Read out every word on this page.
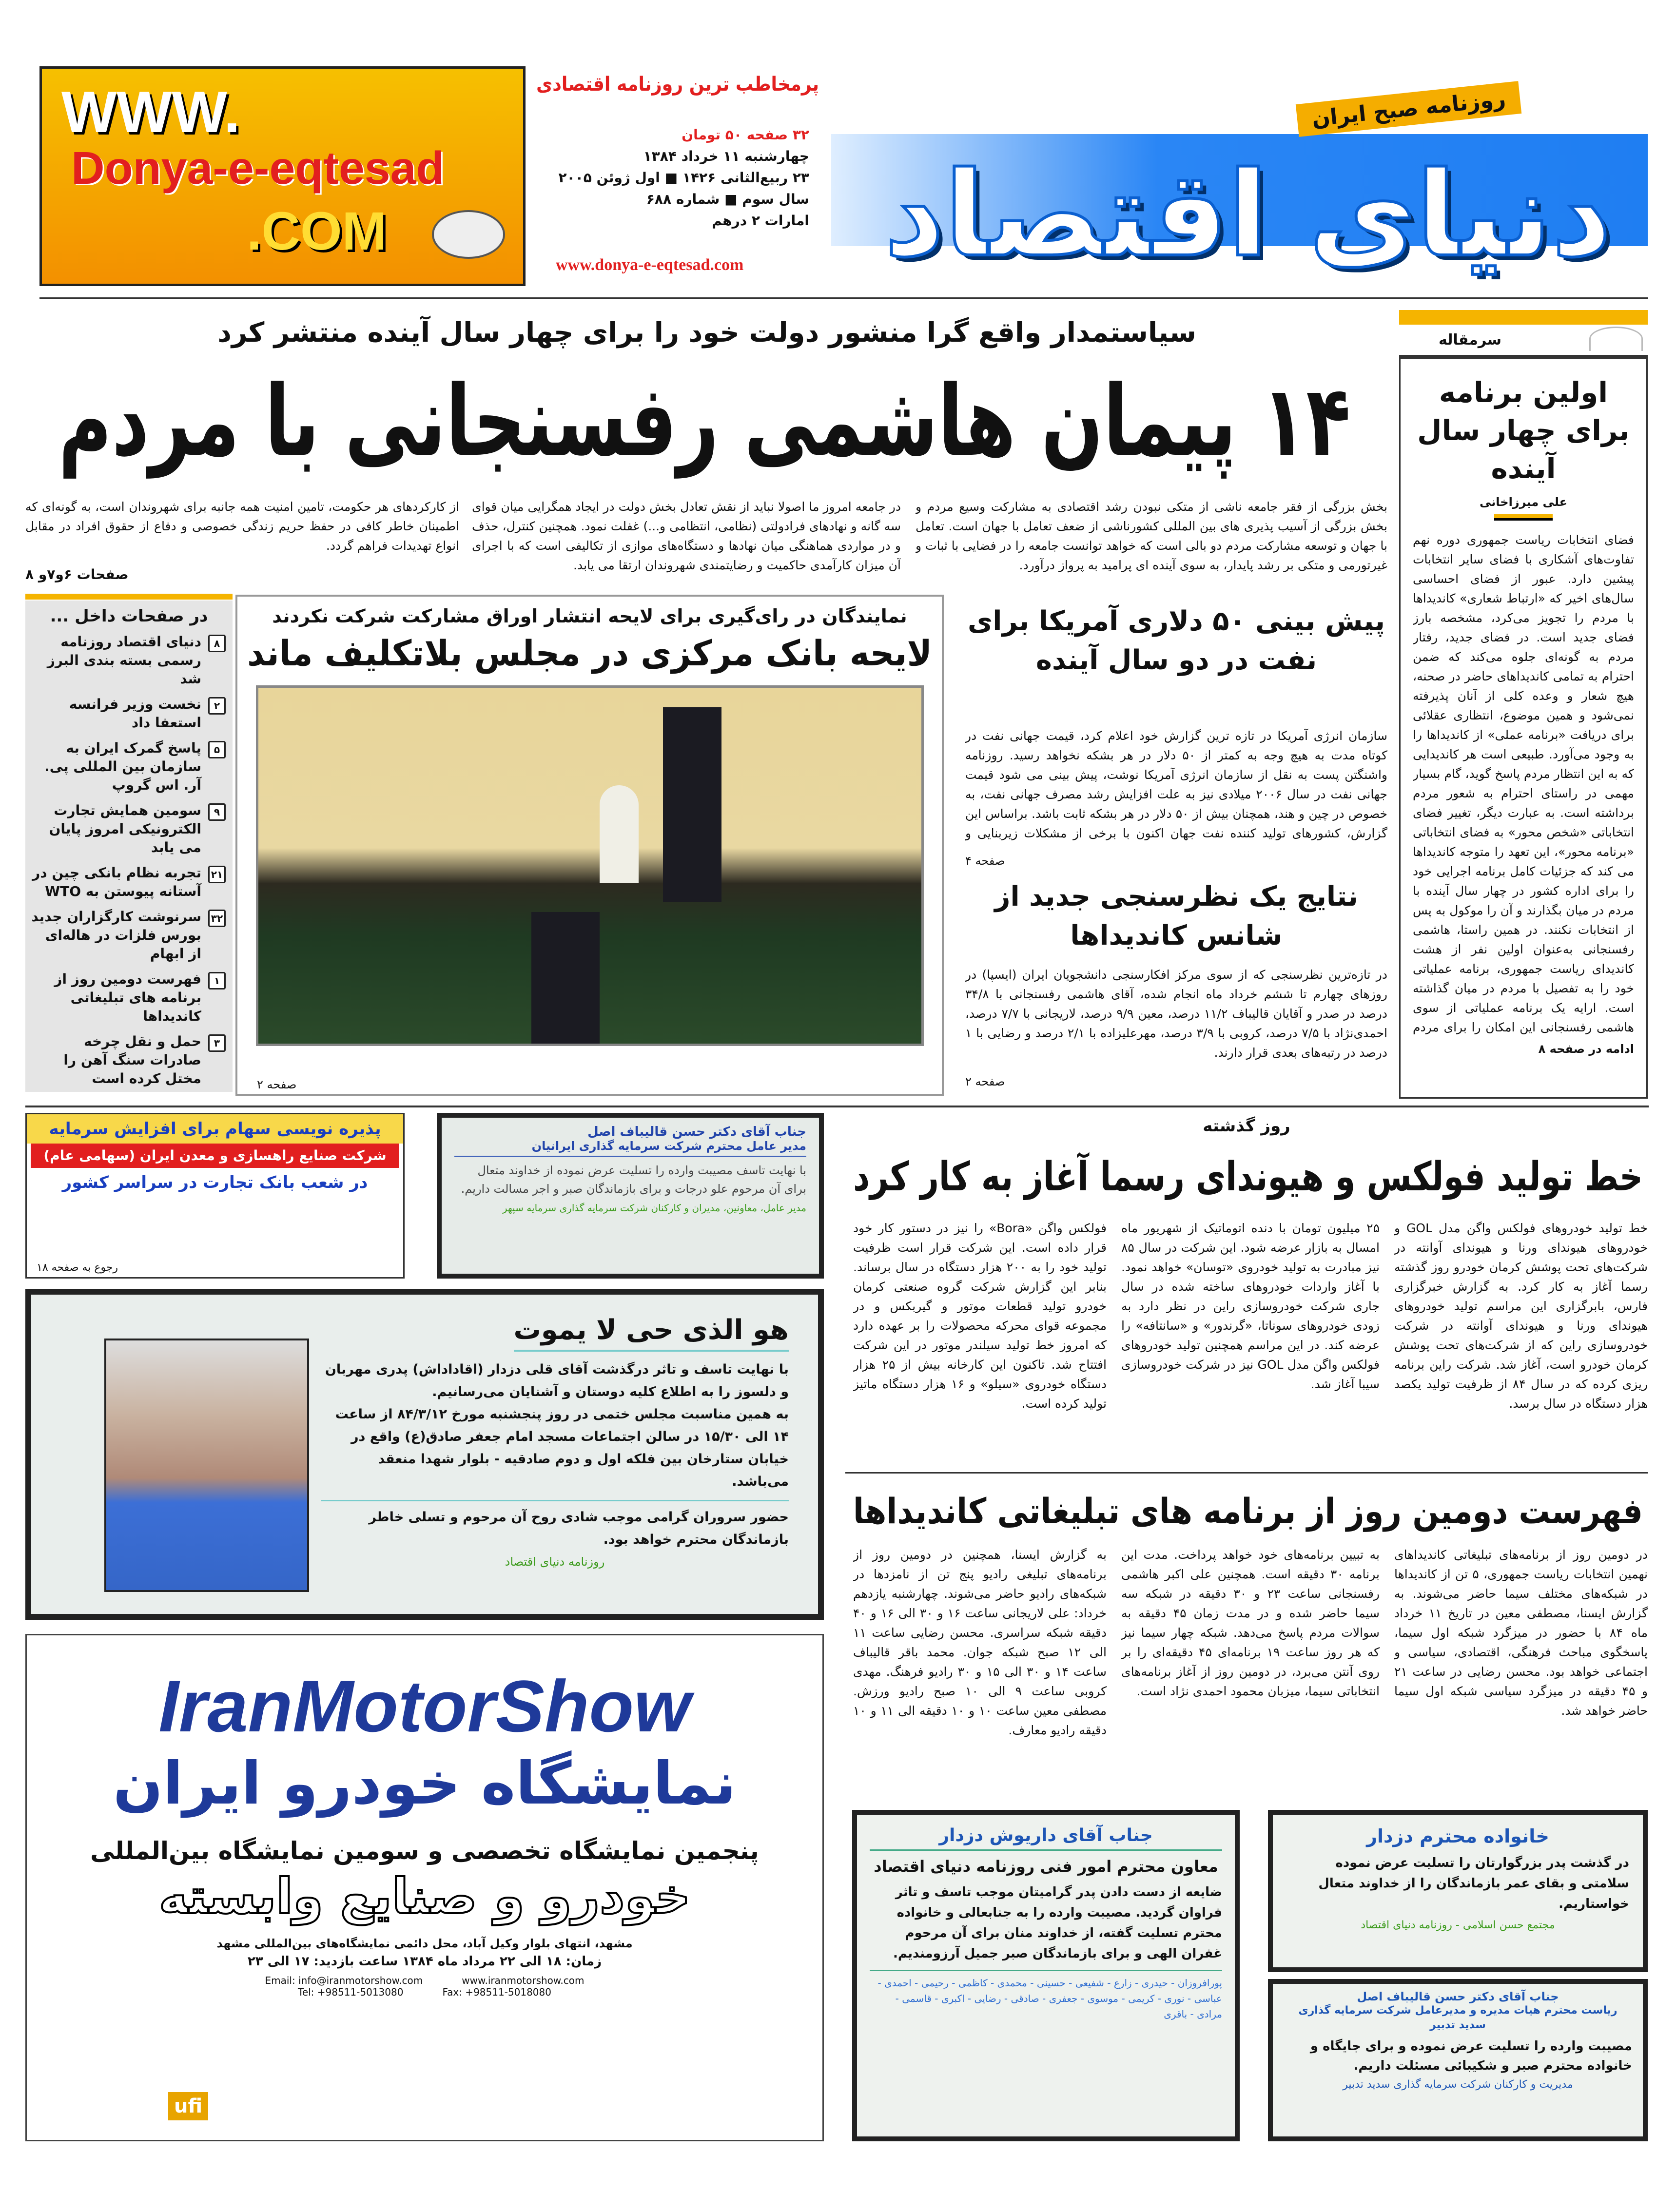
WWW.
Donya-e-eqtesad
.COM
پرمخاطب ترین روزنامه اقتصادی
دنیای اقتصاد
روزنامه صبح ایران
۳۲ صفحه ۵۰ تومان
چهارشنبه ۱۱ خرداد ۱۳۸۴
۲۳ ربیع‌الثانی ۱۴۲۶ ■ اول ژوئن ۲۰۰۵
سال سوم ■ شماره ۶۸۸
امارات ۲ درهم
www.donya-e-eqtesad.com
سیاستمدار واقع گرا منشور دولت خود را برای چهار سال آینده منتشر کرد
۱۴ پیمان هاشمی رفسنجانی با مردم
بخش بزرگی از فقر جامعه ناشی از متکی نبودن رشد اقتصادی به مشارکت وسیع مردم و بخش بزرگی از آسیب پذیری های بین المللی کشورناشی از ضعف تعامل با جهان است. تعامل با جهان و توسعه مشارکت مردم دو بالی است که خواهد توانست جامعه را در فضایی با ثبات و غیرتورمی و متکی بر رشد پایدار، به سوی آینده ای پرامید به پرواز درآورد.
در جامعه امروز ما اصولا نباید از نقش تعادل بخش دولت در ایجاد همگرایی میان قوای سه گانه و نهادهای فرادولتی (نظامی، انتظامی و...) غفلت نمود. همچنین کنترل، حذف و در مواردی هماهنگی میان نهادها و دستگاه‌های موازی از تکالیفی است که با اجرای آن میزان کارآمدی حاکمیت و رضایتمندی شهروندان ارتقا می یابد.
از کارکردهای هر حکومت، تامین امنیت همه جانبه برای شهروندان است، به گونه‌ای که اطمینان خاطر کافی در حفظ حریم زندگی خصوصی و دفاع از حقوق افراد در مقابل انواع تهدیدات فراهم گردد.
صفحات ۶و۷و ۸
سرمقاله
اولین برنامه برای چهار سال آینده
علی میرزاخانی
فضای انتخابات ریاست جمهوری دوره نهم تفاوت‌های آشکاری با فضای سایر انتخابات پیشین دارد. عبور از فضای احساسی سال‌های اخیر که «ارتباط شعاری» کاندیداها با مردم را تجویز می‌کرد، مشخصه بارز فضای جدید است. در فضای جدید، رفتار مردم به گونه‌ای جلوه می‌کند که ضمن احترام به تمامی کاندیداهای حاضر در صحنه، هیچ شعار و وعده کلی از آنان پذیرفته نمی‌شود و همین موضوع، انتظاری عقلائی برای دریافت «برنامه عملی» از کاندیداها را به وجود می‌آورد. طبیعی است هر کاندیدایی که به این انتظار مردم پاسخ گوید، گام بسیار مهمی در راستای احترام به شعور مردم برداشته است. به عبارت دیگر، تغییر فضای انتخاباتی «شخص محور» به فضای انتخاباتی «برنامه محور»، این تعهد را متوجه کاندیداها می کند که جزئیات کامل برنامه اجرایی خود را برای اداره کشور در چهار سال آینده با مردم در میان بگذارند و آن را موکول به پس از انتخابات نکنند. در همین راستا، هاشمی رفسنجانی به‌عنوان اولین نفر از هشت کاندیدای ریاست جمهوری، برنامه عملیاتی خود را به تفصیل با مردم در میان گذاشته است. ارایه یک برنامه عملیاتی از سوی هاشمی رفسنجانی این امکان را برای مردم
ادامه در صفحه ۸
در صفحات داخل ...
۸
دنیای اقتصاد روزنامه رسمی بسته بندی البرز شد
۲
نخست وزیر فرانسه استعفا داد
۵
پاسخ گمرک ایران به سازمان بین المللی پی. آر. اس گروپ
۹
سومین همایش تجارت الکترونیکی امروز پایان می یابد
۲۱
تجربه نظام بانکی چین در آستانه پیوستن به WTO
۳۲
سرنوشت کارگزاران جدید بورس فلزات در هاله‌ای از ابهام
۱
فهرست دومین روز از برنامه های تبلیغاتی کاندیداها
۳
حمل و نقل چرخه صادرات سنگ آهن را مختل کرده است
نمایندگان در رای‌گیری برای لایحه انتشار اوراق مشارکت شرکت نکردند
لایحه بانک مرکزی در مجلس بلاتکلیف ماند
صفحه ۲
پیش بینی ۵۰ دلاری آمریکا برای نفت در دو سال آینده
سازمان انرژی آمریکا در تازه ترین گزارش خود اعلام کرد، قیمت جهانی نفت در کوتاه مدت به هیچ وجه به کمتر از ۵۰ دلار در هر بشکه نخواهد رسید. روزنامه واشنگتن پست به نقل از سازمان انرژی آمریکا نوشت، پیش بینی می شود قیمت جهانی نفت در سال ۲۰۰۶ میلادی نیز به علت افزایش رشد مصرف جهانی نفت، به خصوص در چین و هند، همچنان بیش از ۵۰ دلار در هر بشکه ثابت باشد. براساس این گزارش، کشورهای تولید کننده نفت جهان اکنون با برخی از مشکلات زیربنایی و
صفحه ۴
نتایج یک نظرسنجی جدید از شانس کاندیداها
در تازه‌ترین نظرسنجی که از سوی مرکز افکارسنجی دانشجویان ایران (ایسپا) در روزهای چهارم تا ششم خرداد ماه انجام شده، آقای هاشمی رفسنجانی با ۳۴/۸ درصد در صدر و آقایان قالیباف ۱۱/۲ درصد، معین ۹/۹ درصد، لاریجانی با ۷/۷ درصد، احمدی‌نژاد با ۷/۵ درصد، کروبی با ۳/۹ درصد، مهرعلیزاده با ۲/۱ درصد و رضایی با ۱ درصد در رتبه‌های بعدی قرار دارند.
صفحه ۲
پذیره نویسی سهام برای افزایش سرمایه
شرکت صنایع راهسازی و معدن ایران (سهامی عام)
در شعب بانک تجارت در سراسر کشور
رجوع به صفحه ۱۸
جناب آقای دکتر حسن قالیباف اصل
مدیر عامل محترم شرکت سرمایه گذاری ایرانیان
با نهایت تاسف مصیبت وارده را تسلیت عرض نموده از خداوند متعال برای آن مرحوم علو درجات و برای بازماندگان صبر و اجر مسالت داریم.
مدیر عامل، معاونین، مدیران و کارکنان شرکت سرمایه گذاری سرمایه سپهر
هو الذی حی لا یموت
با نهایت تاسف و تاثر درگذشت آقای قلی دزدار (اقاداداش) پدری مهربان و دلسوز را به اطلاع کلیه دوستان و آشنایان می‌رسانیم.
به همین مناسبت مجلس ختمی در روز پنجشنبه مورخ ۸۴/۳/۱۲ از ساعت ۱۴ الی ۱۵/۳۰ در سالن اجتماعات مسجد امام جعفر صادق(ع) واقع در خیابان ستارخان بین فلکه اول و دوم صادقیه - بلوار شهدا منعقد می‌باشد.
حضور سروران گرامی موجب شادی روح آن مرحوم و تسلی خاطر بازماندگان محترم خواهد بود.
روزنامه دنیای اقتصاد
IranMotorShow
نمایشگاه خودرو ایران
پنجمین نمایشگاه تخصصی و سومین نمایشگاه بین‌المللی
خودرو و صنایع وابسته
مشهد، انتهای بلوار وکیل آباد، محل دائمی نمایشگاه‌های بین‌المللی مشهد
زمان: ۱۸ الی ۲۲ مرداد ماه ۱۳۸۴ ساعت بازدید: ۱۷ الی ۲۳
Email: info@iranmotorshow.com	www.iranmotorshow.com
Tel: +98511-5013080	Fax: +98511-5018080
ufi
روز گذشته
خط تولید فولکس و هیوندای رسما آغاز به کار کرد
خط تولید خودروهای فولکس واگن مدل GOL و خودروهای هیوندای ورنا و هیوندای آوانته در شرکت‌های تحت پوشش کرمان خودرو روز گذشته رسما آغاز به کار کرد. به گزارش خبرگزاری فارس، بابرگزاری این مراسم تولید خودروهای هیوندای ورنا و هیوندای آوانته در شرکت خودروسازی راین که از شرکت‌های تحت پوشش کرمان خودرو است، آغاز شد. شرکت راین برنامه ریزی کرده که در سال ۸۴ از ظرفیت تولید یکصد هزار دستگاه در سال برسد.
۲۵ میلیون تومان با دنده اتوماتیک از شهریور ماه امسال به بازار عرضه شود. این شرکت در سال ۸۵ نیز مبادرت به تولید خودروی «توسان» خواهد نمود. با آغاز واردات خودروهای ساخته شده در سال جاری شرکت خودروسازی راین در نظر دارد به زودی خودروهای سوناتا، «گرندور» و «سانتافه» را عرضه کند. در این مراسم همچنین تولید خودروهای فولکس واگن مدل GOL نیز در شرکت خودروسازی سیبا آغاز شد.
فولکس واگن «Bora» را نیز در دستور کار خود قرار داده است. این شرکت قرار است ظرفیت تولید خود را به ۲۰۰ هزار دستگاه در سال برساند. بنابر این گزارش شرکت گروه صنعتی کرمان خودرو تولید قطعات موتور و گیربکس و در مجموعه قوای محرکه محصولات را بر عهده دارد که امروز خط تولید سیلندر موتور در این شرکت افتتاح شد. تاکنون این کارخانه بیش از ۲۵ هزار دستگاه خودروی «سیلو» و ۱۶ هزار دستگاه ماتیز تولید کرده است.
فهرست دومین روز از برنامه های تبلیغاتی کاندیداها
در دومین روز از برنامه‌های تبلیغاتی کاندیداهای نهمین انتخابات ریاست جمهوری، ۵ تن از کاندیداها در شبکه‌های مختلف سیما حاضر می‌شوند. به گزارش ایسنا، مصطفی معین در تاریخ ۱۱ خرداد ماه ۸۴ با حضور در میزگرد شبکه اول سیما، پاسخگوی مباحث فرهنگی، اقتصادی، سیاسی و اجتماعی خواهد بود. محسن رضایی در ساعت ۲۱ و ۴۵ دقیقه در میزگرد سیاسی شبکه اول سیما حاضر خواهد شد.
به تبیین برنامه‌های خود خواهد پرداخت. مدت این برنامه ۳۰ دقیقه است. همچنین علی اکبر هاشمی رفسنجانی ساعت ۲۳ و ۳۰ دقیقه در شبکه سه سیما حاضر شده و در مدت زمان ۴۵ دقیقه به سوالات مردم پاسخ می‌دهد. شبکه چهار سیما نیز که هر روز ساعت ۱۹ برنامه‌ای ۴۵ دقیقه‌ای را بر روی آنتن می‌برد، در دومین روز از آغاز برنامه‌های انتخاباتی سیما، میزبان محمود احمدی نژاد است.
به گزارش ایسنا، همچنین در دومین روز از برنامه‌های تبلیغی رادیو پنج تن از نامزدها در شبکه‌های رادیو حاضر می‌شوند. چهارشنبه یازدهم خرداد: علی لاریجانی ساعت ۱۶ و ۳۰ الی ۱۶ و ۴۰ دقیقه شبکه سراسری. محسن رضایی ساعت ۱۱ الی ۱۲ صبح شبکه جوان. محمد باقر قالیباف ساعت ۱۴ و ۳۰ الی ۱۵ و ۳۰ رادیو فرهنگ. مهدی کروبی ساعت ۹ الی ۱۰ صبح رادیو ورزش. مصطفی معین ساعت ۱۰ و ۱۰ دقیقه الی ۱۱ و ۱۰ دقیقه رادیو معارف.
جناب آقای داریوش دزدار
معاون محترم امور فنی روزنامه دنیای اقتصاد
ضایعه از دست دادن پدر گرامیتان موجب تاسف و تاثر فراوان گردید. مصیبت وارده را به جنابعالی و خانواده محترم تسلیت گفته، از خداوند منان برای آن مرحوم غفران الهی و برای بازماندگان صبر جمیل آرزومندیم.
پورافروزان - حیدری - زارع - شفیعی - حسینی - محمدی - کاظمی - رحیمی - احمدی - عباسی - نوری - کریمی - موسوی - جعفری - صادقی - رضایی - اکبری - قاسمی - مرادی - باقری
خانواده محترم دزدار
در گذشت پدر بزرگوارتان را تسلیت عرض نموده سلامتی و بقای عمر بازماندگان را از خداوند متعال خواستاریم.
مجتمع حسن اسلامی - روزنامه دنیای اقتصاد
جناب آقای دکتر حسن قالیباف اصل
ریاست محترم هیات مدیره و مدیرعامل شرکت سرمایه گذاری سدید تدبیر
مصیبت وارده را تسلیت عرض نموده و برای جایگاه و خانواده محترم صبر و شکیبائی مسئلت داریم.
مدیریت و کارکنان شرکت سرمایه گذاری سدید تدبیر
